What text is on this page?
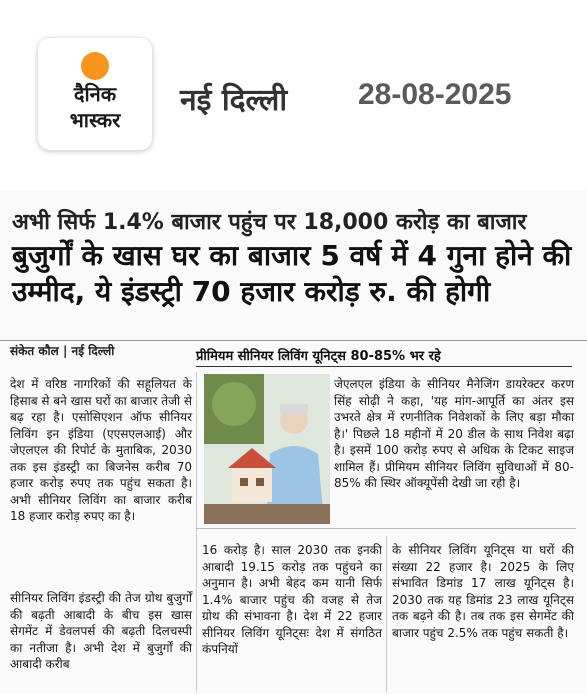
दैनिक
भास्कर
नई दिल्ली 28-08-2025
अभी सिर्फ 1.4% बाजार पहुंच पर 18,000 करोड़ का बाजार
बुजुर्गों के खास घर का बाजार 5 वर्ष में 4 गुना होने की उम्मीद, ये इंडस्ट्री 70 हजार करोड़ रु. की होगी
संकेत कौल | नई दिल्ली	प्रीमियम सीनियर लिविंग यूनिट्स 80-85% भर रहे
देश में वरिष्ठ नागरिकों की सहूलियत के हिसाब से बने खास घरों का बाजार तेजी से बढ़ रहा है। एसोसिएशन ऑफ सीनियर लिविंग इन इंडिया (एएसएलआई) और जेएलएल की रिपोर्ट के मुताबिक, 2030 तक इस इंडस्ट्री का बिजनेस करीब 70 हजार करोड़ रुपए तक पहुंच सकता है। अभी सीनियर लिविंग का बाजार करीब 18 हजार करोड़ रुपए का है।
सीनियर लिविंग इंडस्ट्री की तेज ग्रोथ बुजुर्गों की बढ़ती आबादी के बीच इस खास सेगमेंट में डेवलपर्स की बढ़ती दिलचस्पी का नतीजा है। अभी देश में बुजुर्गों की आबादी करीब
जेएलएल इंडिया के सीनियर मैनेजिंग डायरेक्टर करण सिंह सोढ़ी ने कहा, 'यह मांग-आपूर्ति का अंतर इस उभरते क्षेत्र में रणनीतिक निवेशकों के लिए बड़ा मौका है।' पिछले 18 महीनों में 20 डील के साथ निवेश बढ़ा है। इसमें 100 करोड़ रुपए से अधिक के टिकट साइज शामिल हैं। प्रीमियम सीनियर लिविंग सुविधाओं में 80-85% की स्थिर ऑक्यूपेंसी देखी जा रही है।
16 करोड़ है। साल 2030 तक इनकी आबादी 19.15 करोड़ तक पहुंचने का अनुमान है। अभी बेहद कम यानी सिर्फ 1.4% बाजार पहुंच की वजह से तेज ग्रोथ की संभावना है। देश में 22 हजार सीनियर लिविंग यूनिट्सः देश में संगठित कंपनियों
के सीनियर लिविंग यूनिट्स या घरों की संख्या 22 हजार है। 2025 के लिए संभावित डिमांड 17 लाख यूनिट्स है। 2030 तक यह डिमांड 23 लाख यूनिट्स तक बढ़ने की है। तब तक इस सेगमेंट की बाजार पहुंच 2.5% तक पहुंच सकती है।
